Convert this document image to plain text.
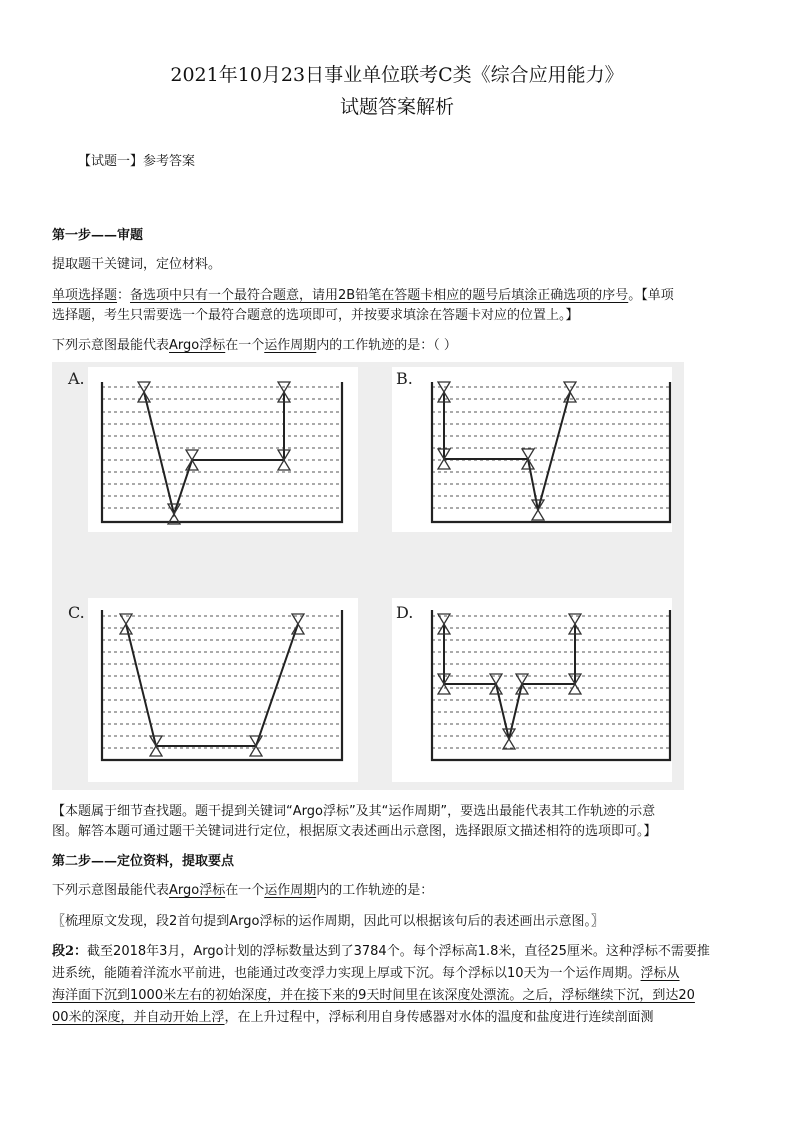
2021年10月23日事业单位联考C类《综合应用能力》
试题答案解析
【试题一】参考答案
第一步——审题
提取题干关键词，定位材料。
单项选择题：备选项中只有一个最符合题意，请用2B铅笔在答题卡相应的题号后填涂正确选项的序号。【单项
选择题，考生只需要选一个最符合题意的选项即可，并按要求填涂在答题卡对应的位置上。】
下列示意图最能代表Argo浮标在一个运作周期内的工作轨迹的是：（ ）
A.	B.
C.	D.
【本题属于细节查找题。题干提到关键词“Argo浮标”及其“运作周期”，要选出最能代表其工作轨迹的示意
图。解答本题可通过题干关键词进行定位，根据原文表述画出示意图，选择跟原文描述相符的选项即可。】
第二步——定位资料，提取要点
下列示意图最能代表Argo浮标在一个运作周期内的工作轨迹的是：
〖梳理原文发现，段2首句提到Argo浮标的运作周期，因此可以根据该句后的表述画出示意图。〗
段2：截至2018年3月，Argo计划的浮标数量达到了3784个。每个浮标高1.8米，直径25厘米。这种浮标不需要推
进系统，能随着洋流水平前进，也能通过改变浮力实现上厚或下沉。每个浮标以10天为一个运作周期。浮标从
海洋面下沉到1000米左右的初始深度，并在接下来的9天时间里在该深度处漂流。之后，浮标继续下沉，到达20
00米的深度，并自动开始上浮，在上升过程中，浮标利用自身传感器对水体的温度和盐度进行连续剖面测
